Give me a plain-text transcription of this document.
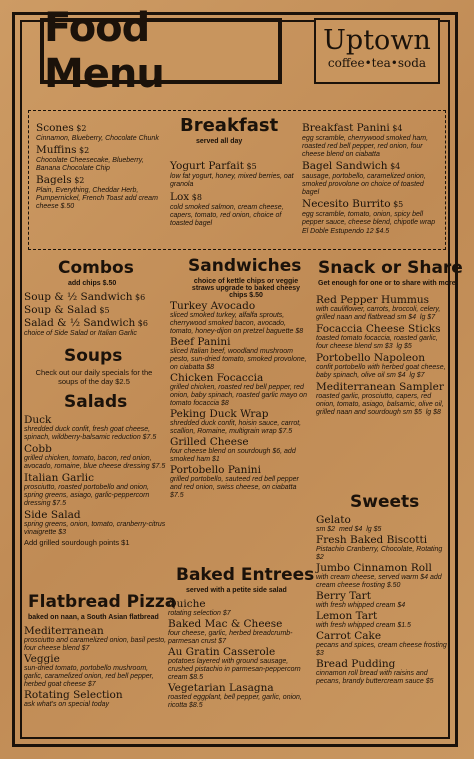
Food Menu
Uptown
coffee•tea•soda
Breakfast
served all day
Scones $2
Cinnamon, Blueberry, Chocolate Chunk
Muffins $2
Chocolate Cheesecake, Blueberry, Banana Chocolate Chip
Bagels $2
Plain, Everything, Cheddar Herb, Pumpernickel, French Toast add cream cheese $.50
Yogurt Parfait $5
low fat yogurt, honey, mixed berries, oat granola
Lox $8
cold smoked salmon, cream cheese, capers, tomato, red onion, choice of toasted bagel
Breakfast Panini $4
egg scramble, cherrywood smoked ham, roasted red bell pepper, red onion, four cheese blend on ciabatta
Bagel Sandwich $4
sausage, portobello, caramelized onion, smoked provolone on choice of toasted bagel
Necesito Burrito $5
egg scramble, tomato, onion, spicy bell pepper sauce, cheese blend, chipotle wrap
El Doble Estupendo 12 $4.5
Combos
add chips $.50
Soup & ½ Sandwich $6
Soup & Salad $5
Salad & ½ Sandwich $6
choice of Side Salad or Italian Garlic
Soups
Check out our daily specials for the soups of the day $2.5
Salads
Duck
shredded duck confit, fresh goat cheese, spinach, wildberry-balsamic reduction $7.5
Cobb
grilled chicken, tomato, bacon, red onion, avocado, romaine, blue cheese dressing $7.5
Italian Garlic
prosciutto, roasted portobello and onion, spring greens, asiago, garlic-peppercorn dressing $7.5
Side Salad
spring greens, onion, tomato, cranberry-citrus vinaigrette $3
Add grilled sourdough points $1
Flatbread Pizza
baked on naan, a South Asian flatbread
Mediterranean
prosciutto and caramelized onion, basil pesto, four cheese blend $7
Veggie
sun-dried tomato, portobello mushroom, garlic, caramelized onion, red bell pepper, herbed goat cheese $7
Rotating Selection
ask what's on special today
Sandwiches
choice of kettle chips or veggie straws upgrade to baked cheesy chips $.50
Turkey Avocado
sliced smoked turkey, alfalfa sprouts, cherrywood smoked bacon, avocado, tomato, honey-dijon on pretzel baguette $8
Beef Panini
sliced Italian beef, woodland mushroom pesto, sun-dried tomato, smoked provolone, on ciabatta $8
Chicken Focaccia
grilled chicken, roasted red bell pepper, red onion, baby spinach, roasted garlic mayo on tomato focaccia $8
Peking Duck Wrap
shredded duck confit, hoisin sauce, carrot, scallion, Romaine, multigrain wrap $7.5
Grilled Cheese
four cheese blend on sourdough $6, add smoked ham $1
Portobello Panini
grilled portobello, sauteed red bell pepper and red onion, swiss cheese, on ciabatta $7.5
Baked Entrees
served with a petite side salad
Quiche
rotating selection $7
Baked Mac & Cheese
four cheese, garlic, herbed breadcrumb-parmesan crust $7
Au Gratin Casserole
potatoes layered with ground sausage, crushed pistachio in parmesan-peppercorn cream $8.5
Vegetarian Lasagna
roasted eggplant, bell pepper, garlic, onion, ricotta $8.5
Snack or Share
Get enough for one or to share with more
Red Pepper Hummus
with cauliflower, carrots, broccoli, celery, grilled naan and flatbread sm $4  lg $7
Focaccia Cheese Sticks
toasted tomato focaccia, roasted garlic, four cheese blend sm $3  lg $5
Portobello Napoleon
confit portobello with herbed goat cheese, baby spinach, olive oil sm $4  lg $7
Mediterranean Sampler
roasted garlic, prosciutto, capers, red onion, tomato, asiago, balsamic, olive oil, grilled naan and sourdough sm $5  lg $8
Sweets
Gelato
sm $2  med $4  lg $5
Fresh Baked Biscotti
Pistachio Cranberry, Chocolate, Rotating $2
Jumbo Cinnamon Roll
with cream cheese, served warm $4 add cream cheese frosting $.50
Berry Tart
with fresh whipped cream $4
Lemon Tart
with fresh whipped cream $1.5
Carrot Cake
pecans and spices, cream cheese frosting $3
Bread Pudding
cinnamon roll bread with raisins and pecans, brandy buttercream sauce $5
